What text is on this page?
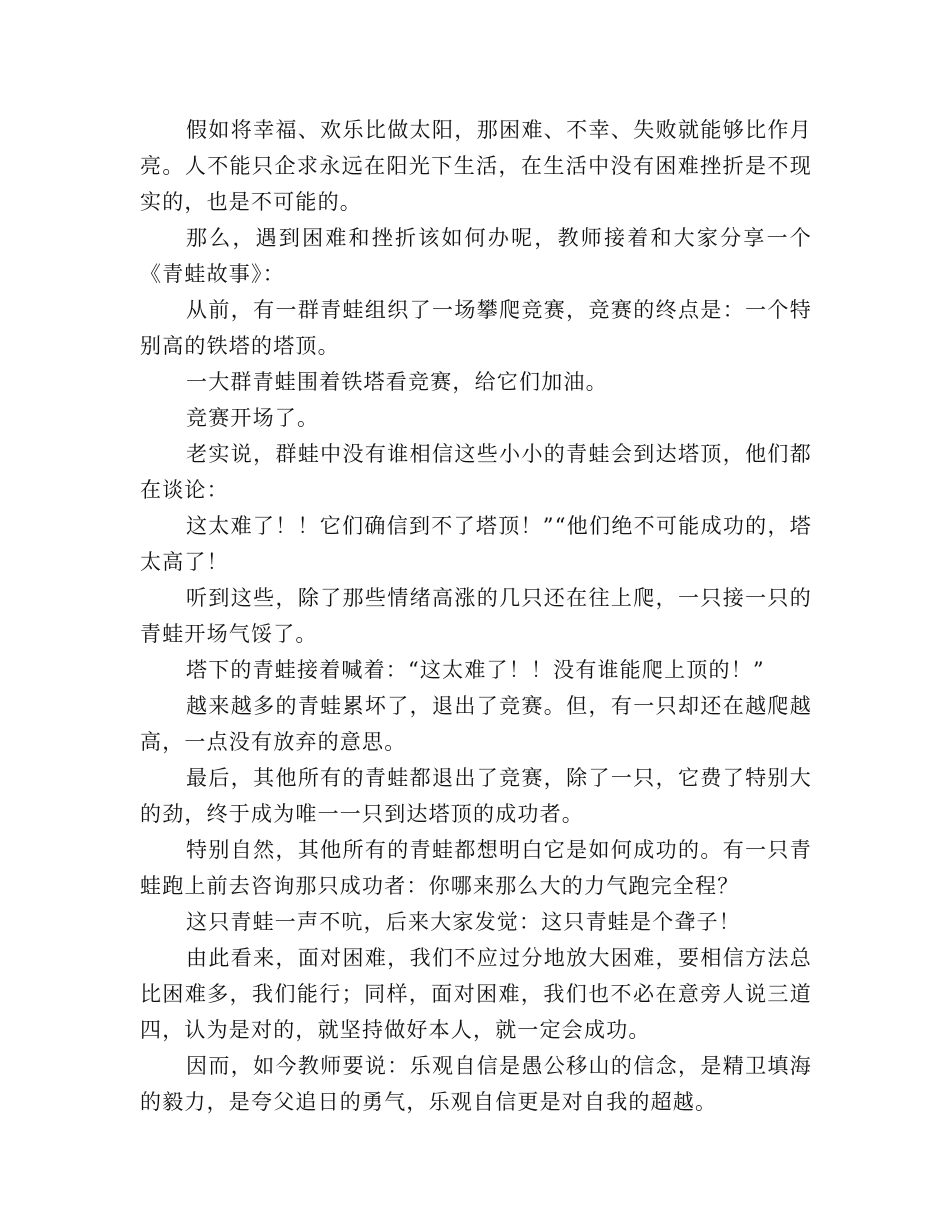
假如将幸福、欢乐比做太阳，那困难、不幸、失败就能够比作月亮。人不能只企求永远在阳光下生活，在生活中没有困难挫折是不现实的，也是不可能的。

那么，遇到困难和挫折该如何办呢，教师接着和大家分享一个《青蛙故事》：

从前，有一群青蛙组织了一场攀爬竞赛，竞赛的终点是：一个特别高的铁塔的塔顶。

一大群青蛙围着铁塔看竞赛，给它们加油。

竞赛开场了。

老实说，群蛙中没有谁相信这些小小的青蛙会到达塔顶，他们都在谈论：

这太难了！！它们确信到不了塔顶！”“他们绝不可能成功的，塔太高了！

听到这些，除了那些情绪高涨的几只还在往上爬，一只接一只的青蛙开场气馁了。

塔下的青蛙接着喊着：“这太难了！！没有谁能爬上顶的！”

越来越多的青蛙累坏了，退出了竞赛。但，有一只却还在越爬越高，一点没有放弃的意思。

最后，其他所有的青蛙都退出了竞赛，除了一只，它费了特别大的劲，终于成为唯一一只到达塔顶的成功者。

特别自然，其他所有的青蛙都想明白它是如何成功的。有一只青蛙跑上前去咨询那只成功者：你哪来那么大的力气跑完全程？

这只青蛙一声不吭，后来大家发觉：这只青蛙是个聋子！

由此看来，面对困难，我们不应过分地放大困难，要相信方法总比困难多，我们能行；同样，面对困难，我们也不必在意旁人说三道四，认为是对的，就坚持做好本人，就一定会成功。

因而，如今教师要说：乐观自信是愚公移山的信念，是精卫填海的毅力，是夸父追日的勇气，乐观自信更是对自我的超越。
